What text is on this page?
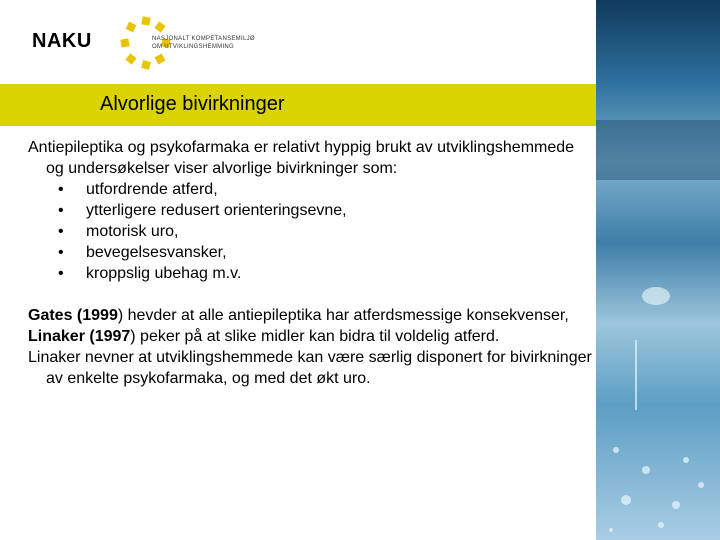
NAKU	NASJONALT KOMPETANSEMILJØ
OM UTVIKLINGSHEMMING
Alvorlige bivirkninger

Antiepileptika og psykofarmaka er relativt hyppig brukt av utviklingshemmede og undersøkelser viser alvorlige bivirkninger som:

• utfordrende atferd,
• ytterligere redusert orienteringsevne,
• motorisk uro,
• bevegelsesvansker,
• kroppslig ubehag m.v.

Gates (1999) hevder at alle antiepileptika har atferdsmessige konsekvenser,

Linaker (1997) peker på at slike midler kan bidra til voldelig atferd.

Linaker nevner at utviklingshemmede kan være særlig disponert for bivirkninger av enkelte psykofarmaka, og med det økt uro.
